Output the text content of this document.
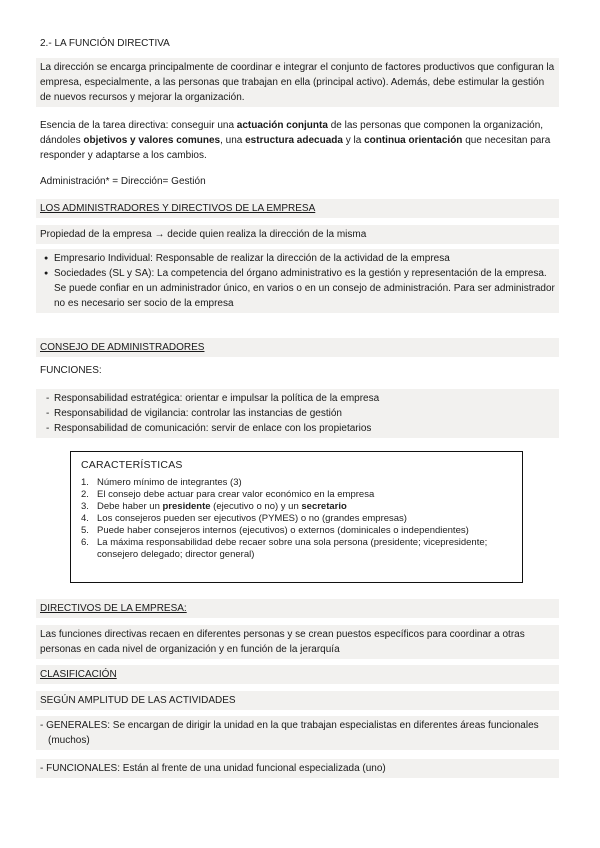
2.- LA FUNCIÓN DIRECTIVA

La dirección se encarga principalmente de coordinar e integrar el conjunto de factores productivos que configuran la empresa, especialmente, a las personas que trabajan en ella (principal activo). Además, debe estimular la gestión de nuevos recursos y mejorar la organización.

Esencia de la tarea directiva: conseguir una actuación conjunta de las personas que componen la organización, dándoles objetivos y valores comunes, una estructura adecuada y la continua orientación que necesitan para responder y adaptarse a los cambios.

Administración* = Dirección= Gestión

LOS ADMINISTRADORES Y DIRECTIVOS DE LA EMPRESA

Propiedad de la empresa → decide quien realiza la dirección de la misma

● Empresario Individual: Responsable de realizar la dirección de la actividad de la empresa
● Sociedades (SL y SA): La competencia del órgano administrativo es la gestión y representación de la empresa. Se puede confiar en un administrador único, en varios o en un consejo de administración. Para ser administrador no es necesario ser socio de la empresa

CONSEJO DE ADMINISTRADORES

FUNCIONES:

- Responsabilidad estratégica: orientar e impulsar la política de la empresa
- Responsabilidad de vigilancia: controlar las instancias de gestión
- Responsabilidad de comunicación: servir de enlace con los propietarios
CARACTERÍSTICAS
1. Número mínimo de integrantes (3)
2. El consejo debe actuar para crear valor económico en la empresa
3. Debe haber un presidente (ejecutivo o no) y un secretario
4. Los consejeros pueden ser ejecutivos (PYMES) o no (grandes empresas)
5. Puede haber consejeros internos (ejecutivos) o externos (dominicales o independientes)
6. La máxima responsabilidad debe recaer sobre una sola persona (presidente; vicepresidente; consejero delegado; director general)

DIRECTIVOS DE LA EMPRESA:

Las funciones directivas recaen en diferentes personas y se crean puestos específicos para coordinar a otras personas en cada nivel de organización y en función de la jerarquía

CLASIFICACIÓN

SEGÚN AMPLITUD DE LAS ACTIVIDADES

- GENERALES: Se encargan de dirigir la unidad en la que trabajan especialistas en diferentes áreas funcionales (muchos)

- FUNCIONALES: Están al frente de una unidad funcional especializada (uno)
